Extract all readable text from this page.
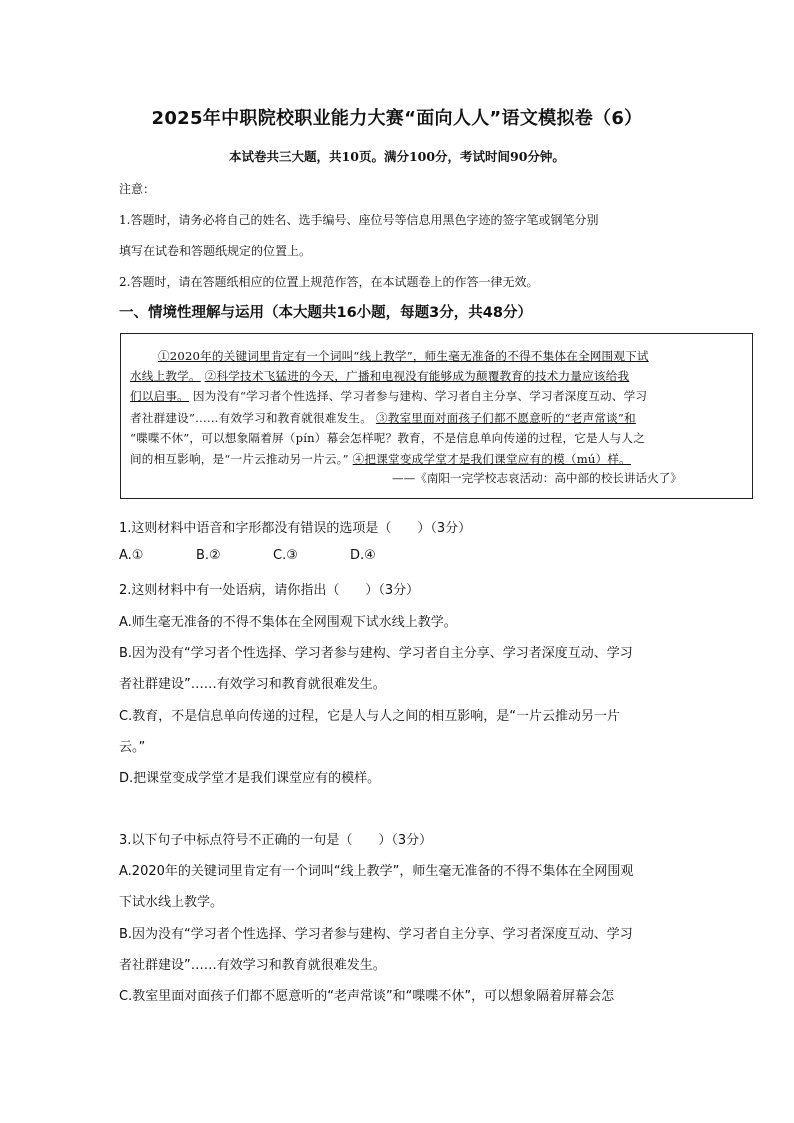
2025年中职院校职业能力大赛“面向人人”语文模拟卷（6）
本试卷共三大题，共10页。满分100分，考试时间90分钟。
注意：
1.答题时，请务必将自己的姓名、选手编号、座位号等信息用黑色字迹的签字笔或钢笔分别
填写在试卷和答题纸规定的位置上。
2.答题时，请在答题纸相应的位置上规范作答，在本试题卷上的作答一律无效。
一、情境性理解与运用（本大题共16小题，每题3分，共48分）
①2020年的关键词里肯定有一个词叫“线上教学”，师生毫无准备的不得不集体在全网围观下试
水线上教学。 ②科学技术飞猛进的今天，广播和电视没有能够成为颠覆教育的技术力量应该给我
们以启事。 因为没有“学习者个性选择、学习者参与建构、学习者自主分享、学习者深度互动、学习
者社群建设”……有效学习和教育就很难发生。 ③教室里面对面孩子们都不愿意听的“老声常谈”和
“喋喋不休”，可以想象隔着屏（pín）幕会怎样呢？教育，不是信息单向传递的过程，它是人与人之
间的相互影响，是“一片云推动另一片云。” ④把课堂变成学堂才是我们课堂应有的模（mú）样。
——《南阳一完学校志哀活动：高中部的校长讲话火了》
1.这则材料中语音和字形都没有错误的选项是（　　）（3分）
A.①	B.②	C.③	D.④
2.这则材料中有一处语病，请你指出（　　）（3分）
A.师生毫无准备的不得不集体在全网围观下试水线上教学。
B.因为没有“学习者个性选择、学习者参与建构、学习者自主分享、学习者深度互动、学习
者社群建设”……有效学习和教育就很难发生。
C.教育，不是信息单向传递的过程，它是人与人之间的相互影响，是“一片云推动另一片
云。”
D.把课堂变成学堂才是我们课堂应有的模样。
3.以下句子中标点符号不正确的一句是（　　）（3分）
A.2020年的关键词里肯定有一个词叫“线上教学”，师生毫无准备的不得不集体在全网围观
下试水线上教学。
B.因为没有“学习者个性选择、学习者参与建构、学习者自主分享、学习者深度互动、学习
者社群建设”……有效学习和教育就很难发生。
C.教室里面对面孩子们都不愿意听的“老声常谈”和“喋喋不休”，可以想象隔着屏幕会怎
